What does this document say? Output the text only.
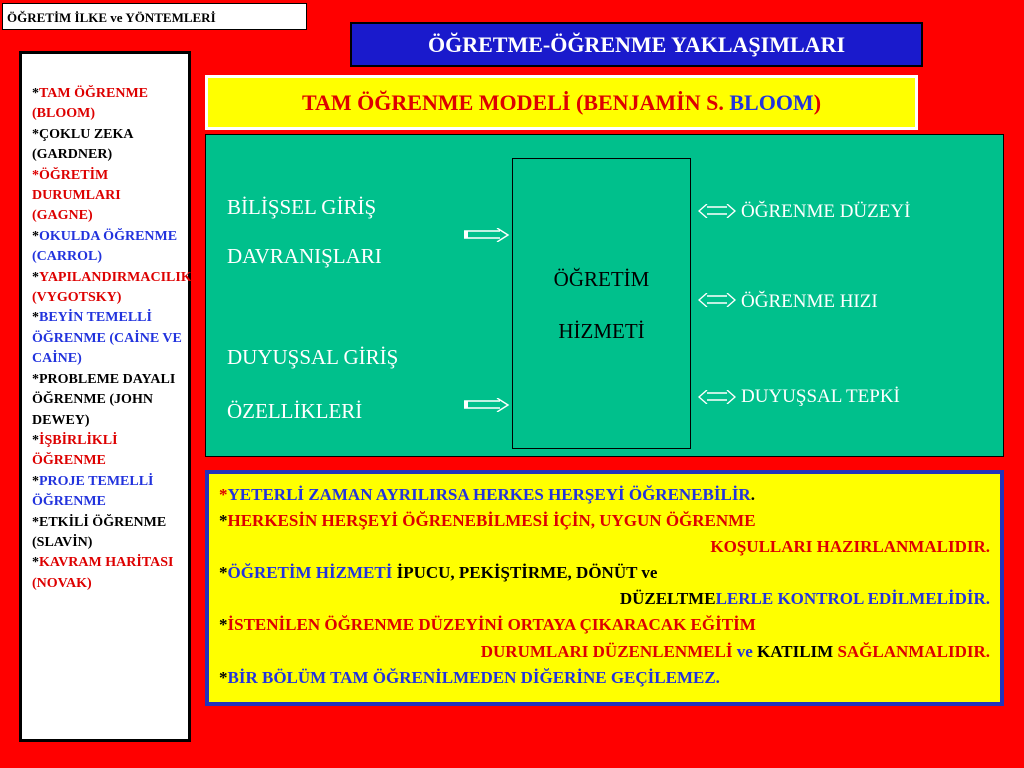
ÖĞRETİM İLKE ve YÖNTEMLERİ
ÖĞRETME-ÖĞRENME YAKLAŞIMLARI
TAM ÖĞRENME MODELİ (BENJAMİN S. BLOOM)
*TAM ÖĞRENME (BLOOM)
*ÇOKLU ZEKA (GARDNER)
*ÖĞRETİM DURUMLARI (GAGNE)
*OKULDA ÖĞRENME (CARROL)
*YAPILANDIRMACILIK (VYGOTSKY)
*BEYİN TEMELLİ ÖĞRENME (CAİNE VE CAİNE)
*PROBLEME DAYALI ÖĞRENME (JOHN DEWEY)
*İŞBİRLİKLİ ÖĞRENME
*PROJE TEMELLİ ÖĞRENME
*ETKİLİ ÖĞRENME (SLAVİN)
*KAVRAM HARİTASI (NOVAK)
BİLİŞSEL GİRİŞ
DAVRANIŞLARI
DUYUŞSAL GİRİŞ
ÖZELLİKLERİ
ÖĞRETİM
HİZMETİ
ÖĞRENME DÜZEYİ
ÖĞRENME HIZI
DUYUŞSAL TEPKİ
*YETERLİ ZAMAN AYRILIRSA HERKES HERŞEYİ ÖĞRENEBİLİR.
*HERKESİN HERŞEYİ ÖĞRENEBİLMESİ İÇİN, UYGUN ÖĞRENME
KOŞULLARI HAZIRLANMALIDIR.
*ÖĞRETİM HİZMETİ İPUCU, PEKİŞTİRME, DÖNÜT ve
DÜZELTMELERLE KONTROL EDİLMELİDİR.
*İSTENİLEN ÖĞRENME DÜZEYİNİ ORTAYA ÇIKARACAK EĞİTİM
DURUMLARI DÜZENLENMELİ ve KATILIM SAĞLANMALIDIR.
*BİR BÖLÜM TAM ÖĞRENİLMEDEN DİĞERİNE GEÇİLEMEZ.
